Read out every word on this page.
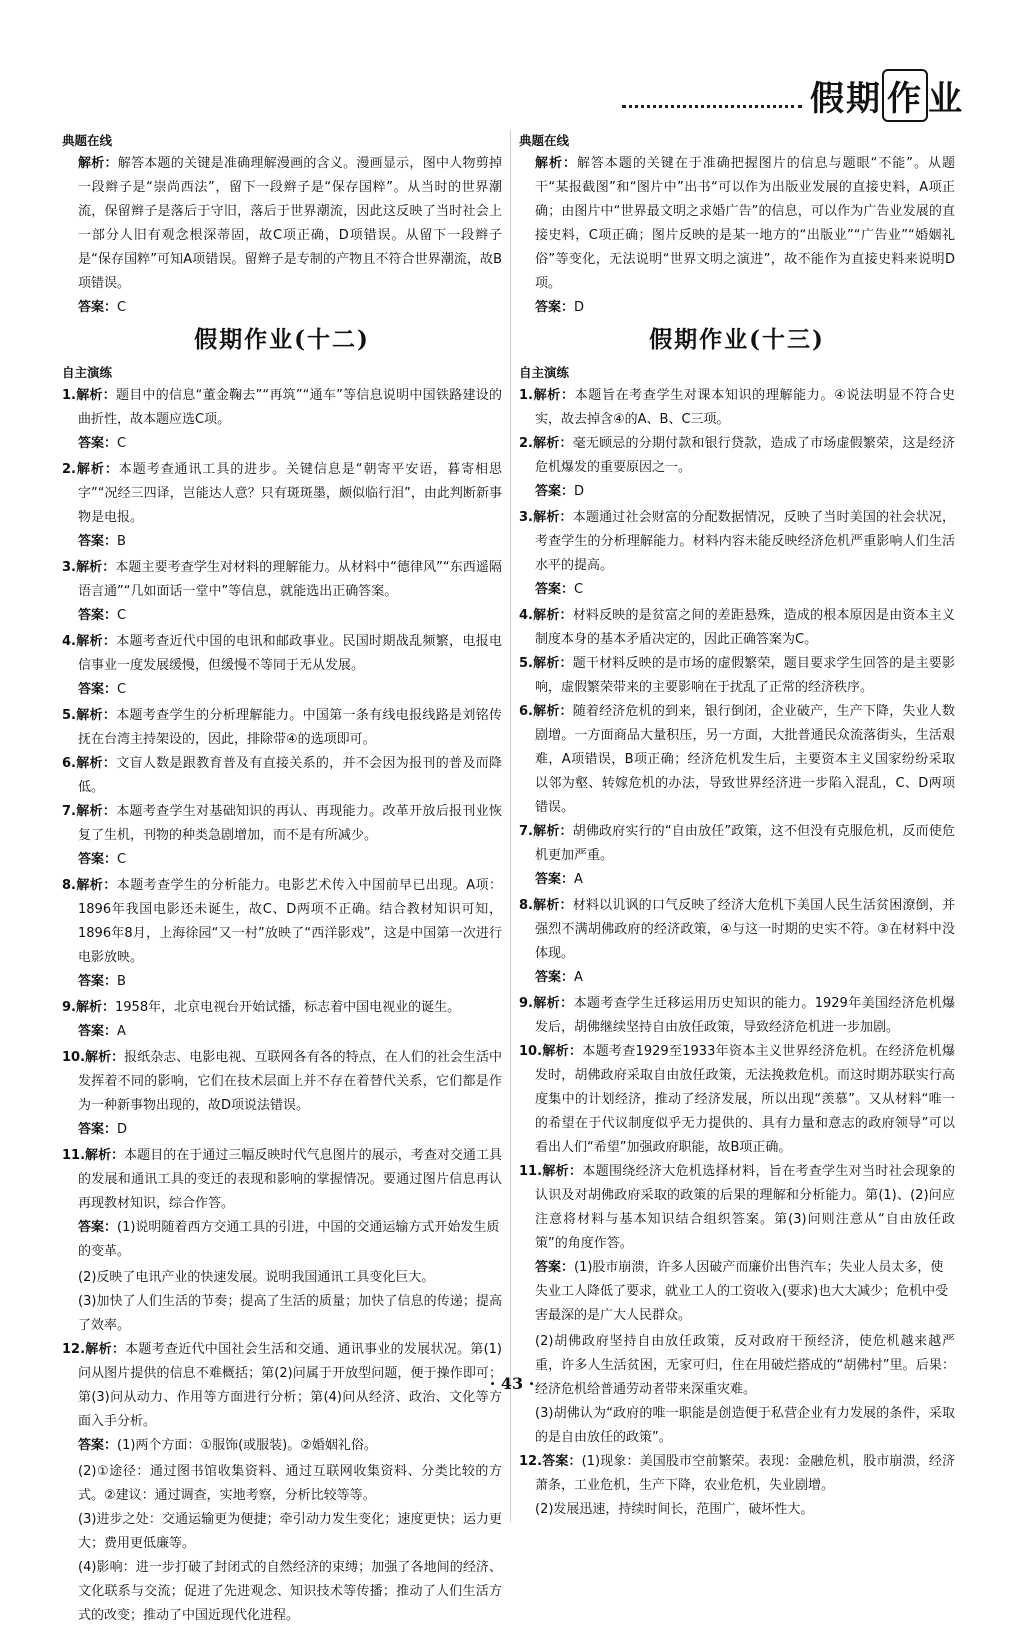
假期 作 业

典题在线

解析：解答本题的关键是准确理解漫画的含义。漫画显示，图中人物剪掉一段辫子是“崇尚西法”，留下一段辫子是“保存国粹”。从当时的世界潮流，保留辫子是落后于守旧，落后于世界潮流，因此这反映了当时社会上一部分人旧有观念根深蒂固，故C项正确，D项错误。从留下一段辫子是“保存国粹”可知A项错误。留辫子是专制的产物且不符合世界潮流，故B项错误。

答案：C

假期作业(十二)

自主演练

1.解析：题目中的信息“董金鞠去”“再筑”“通车”等信息说明中国铁路建设的曲折性，故本题应选C项。

答案：C

2.解析：本题考查通讯工具的进步。关键信息是“朝寄平安语，暮寄相思字”“况经三四译，岂能达人意？只有斑斑墨，颇似临行泪”，由此判断新事物是电报。

答案：B

3.解析：本题主要考查学生对材料的理解能力。从材料中“德律风”“东西遥隔语言通”“几如面话一堂中”等信息，就能选出正确答案。

答案：C

4.解析：本题考查近代中国的电讯和邮政事业。民国时期战乱频繁，电报电信事业一度发展缓慢，但缓慢不等同于无从发展。

答案：C

5.解析：本题考查学生的分析理解能力。中国第一条有线电报线路是刘铭传抚在台湾主持架设的，因此，排除带④的选项即可。

6.解析：文盲人数是跟教育普及有直接关系的，并不会因为报刊的普及而降低。

7.解析：本题考查学生对基础知识的再认、再现能力。改革开放后报刊业恢复了生机，刊物的种类急剧增加，而不是有所减少。

答案：C

8.解析：本题考查学生的分析能力。电影艺术传入中国前早已出现。A项：1896年我国电影还未诞生，故C、D两项不正确。结合教材知识可知，1896年8月，上海徐园“又一村”放映了“西洋影戏”，这是中国第一次进行电影放映。

答案：B

9.解析：1958年，北京电视台开始试播，标志着中国电视业的诞生。

答案：A

10.解析：报纸杂志、电影电视、互联网各有各的特点，在人们的社会生活中发挥着不同的影响，它们在技术层面上并不存在着替代关系，它们都是作为一种新事物出现的，故D项说法错误。

答案：D

11.解析：本题目的在于通过三幅反映时代气息图片的展示，考查对交通工具的发展和通讯工具的变迁的表现和影响的掌握情况。要通过图片信息再认再现教材知识，综合作答。

答案：(1)说明随着西方交通工具的引进，中国的交通运输方式开始发生质的变革。

(2)反映了电讯产业的快速发展。说明我国通讯工具变化巨大。

(3)加快了人们生活的节奏；提高了生活的质量；加快了信息的传递；提高了效率。

12.解析：本题考查近代中国社会生活和交通、通讯事业的发展状况。第(1)问从图片提供的信息不难概括；第(2)问属于开放型问题，便于操作即可；第(3)问从动力、作用等方面进行分析；第(4)问从经济、政治、文化等方面入手分析。

答案：(1)两个方面：①服饰(或服装)。②婚姻礼俗。

(2)①途径：通过图书馆收集资料、通过互联网收集资料、分类比较的方式。②建议：通过调查，实地考察，分析比较等等。

(3)进步之处：交通运输更为便捷；牵引动力发生变化；速度更快；运力更大；费用更低廉等。

(4)影响：进一步打破了封闭式的自然经济的束缚；加强了各地间的经济、文化联系与交流；促进了先进观念、知识技术等传播；推动了人们生活方式的改变；推动了中国近现代化进程。

典题在线

解析：解答本题的关键在于准确把握图片的信息与题眼“不能”。从题干“某报截图”和“图片中”出书“可以作为出版业发展的直接史料，A项正确；由图片中“世界最文明之求婚广告”的信息，可以作为广告业发展的直接史料，C项正确；图片反映的是某一地方的“出版业”“广告业”“婚姻礼俗”等变化，无法说明“世界文明之演进”，故不能作为直接史料来说明D项。

答案：D

假期作业(十三)

自主演练

1.解析：本题旨在考查学生对课本知识的理解能力。④说法明显不符合史实，故去掉含④的A、B、C三项。

2.解析：毫无顾忌的分期付款和银行贷款，造成了市场虚假繁荣，这是经济危机爆发的重要原因之一。

答案：D

3.解析：本题通过社会财富的分配数据情况，反映了当时美国的社会状况，考查学生的分析理解能力。材料内容未能反映经济危机严重影响人们生活水平的提高。

答案：C

4.解析：材料反映的是贫富之间的差距悬殊，造成的根本原因是由资本主义制度本身的基本矛盾决定的，因此正确答案为C。

5.解析：题干材料反映的是市场的虚假繁荣，题目要求学生回答的是主要影响，虚假繁荣带来的主要影响在于扰乱了正常的经济秩序。

6.解析：随着经济危机的到来，银行倒闭，企业破产，生产下降，失业人数剧增。一方面商品大量积压，另一方面，大批普通民众流落街头，生活艰难，A项错误，B项正确；经济危机发生后，主要资本主义国家纷纷采取以邻为壑、转嫁危机的办法，导致世界经济进一步陷入混乱，C、D两项错误。

7.解析：胡佛政府实行的“自由放任”政策，这不但没有克服危机，反而使危机更加严重。

答案：A

8.解析：材料以讥讽的口气反映了经济大危机下美国人民生活贫困潦倒，并强烈不满胡佛政府的经济政策，④与这一时期的史实不符。③在材料中没体现。

答案：A

9.解析：本题考查学生迁移运用历史知识的能力。1929年美国经济危机爆发后，胡佛继续坚持自由放任政策，导致经济危机进一步加剧。

10.解析：本题考查1929至1933年资本主义世界经济危机。在经济危机爆发时，胡佛政府采取自由放任政策，无法挽救危机。而这时期苏联实行高度集中的计划经济，推动了经济发展，所以出现“羡慕”。又从材料“唯一的希望在于代议制度似乎无力提供的、具有力量和意志的政府领导”可以看出人们“希望”加强政府职能，故B项正确。

11.解析：本题围绕经济大危机选择材料，旨在考查学生对当时社会现象的认识及对胡佛政府采取的政策的后果的理解和分析能力。第(1)、(2)问应注意将材料与基本知识结合组织答案。第(3)问则注意从“自由放任政策”的角度作答。

答案：(1)股市崩溃，许多人因破产而廉价出售汽车；失业人员太多，使失业工人降低了要求，就业工人的工资收入(要求)也大大减少；危机中受害最深的是广大人民群众。

(2)胡佛政府坚持自由放任政策，反对政府干预经济，使危机越来越严重，许多人生活贫困，无家可归，住在用破烂搭成的“胡佛村”里。后果：经济危机给普通劳动者带来深重灾难。

(3)胡佛认为“政府的唯一职能是创造便于私营企业有力发展的条件，采取的是自由放任的政策”。

12.答案：(1)现象：美国股市空前繁荣。表现：金融危机，股市崩溃，经济萧条，工业危机，生产下降，农业危机，失业剧增。

(2)发展迅速，持续时间长，范围广，破坏性大。

· 43 ·
